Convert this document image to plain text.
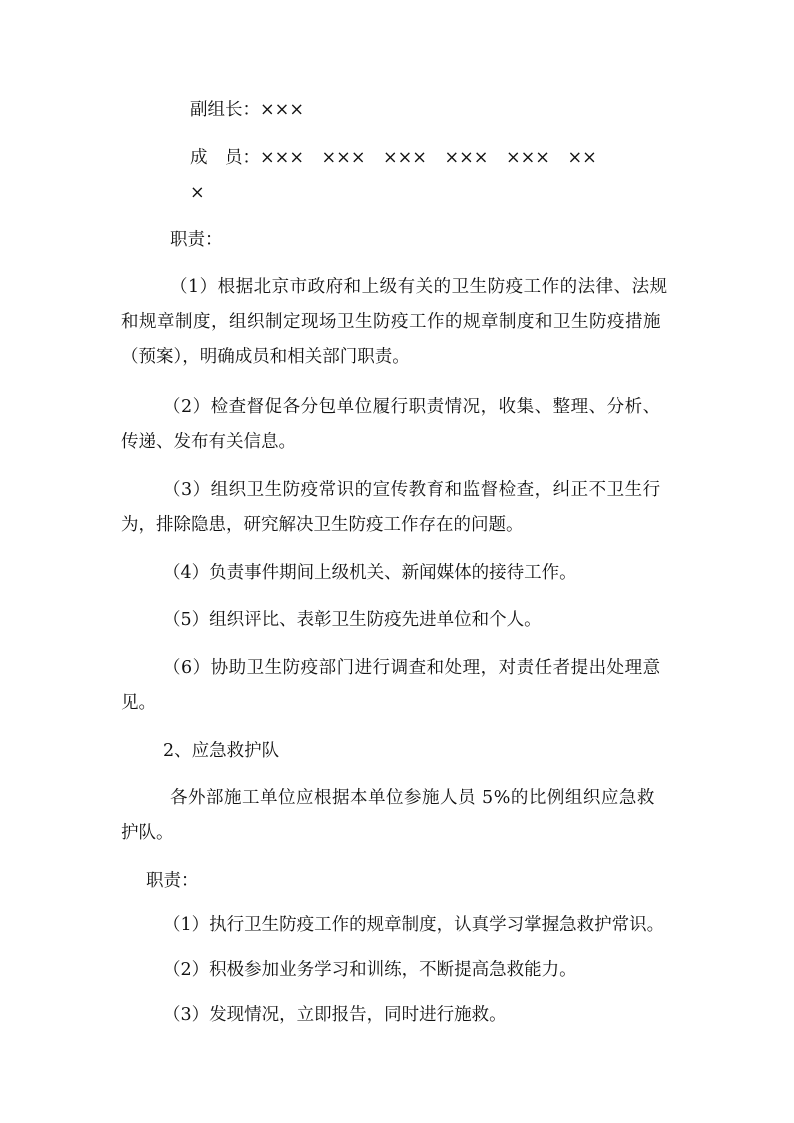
副组长：×××
成　员：×××　×××　×××　×××　×××　××
×
职责：
（1）根据北京市政府和上级有关的卫生防疫工作的法律、法规
和规章制度，组织制定现场卫生防疫工作的规章制度和卫生防疫措施
（预案），明确成员和相关部门职责。
（2）检查督促各分包单位履行职责情况，收集、整理、分析、
传递、发布有关信息。
（3）组织卫生防疫常识的宣传教育和监督检查，纠正不卫生行
为，排除隐患，研究解决卫生防疫工作存在的问题。
（4）负责事件期间上级机关、新闻媒体的接待工作。
（5）组织评比、表彰卫生防疫先进单位和个人。
（6）协助卫生防疫部门进行调查和处理，对责任者提出处理意
见。
2、应急救护队
各外部施工单位应根据本单位参施人员 5%的比例组织应急救
护队。
职责：
（1）执行卫生防疫工作的规章制度，认真学习掌握急救护常识。
（2）积极参加业务学习和训练，不断提高急救能力。
（3）发现情况，立即报告，同时进行施救。
